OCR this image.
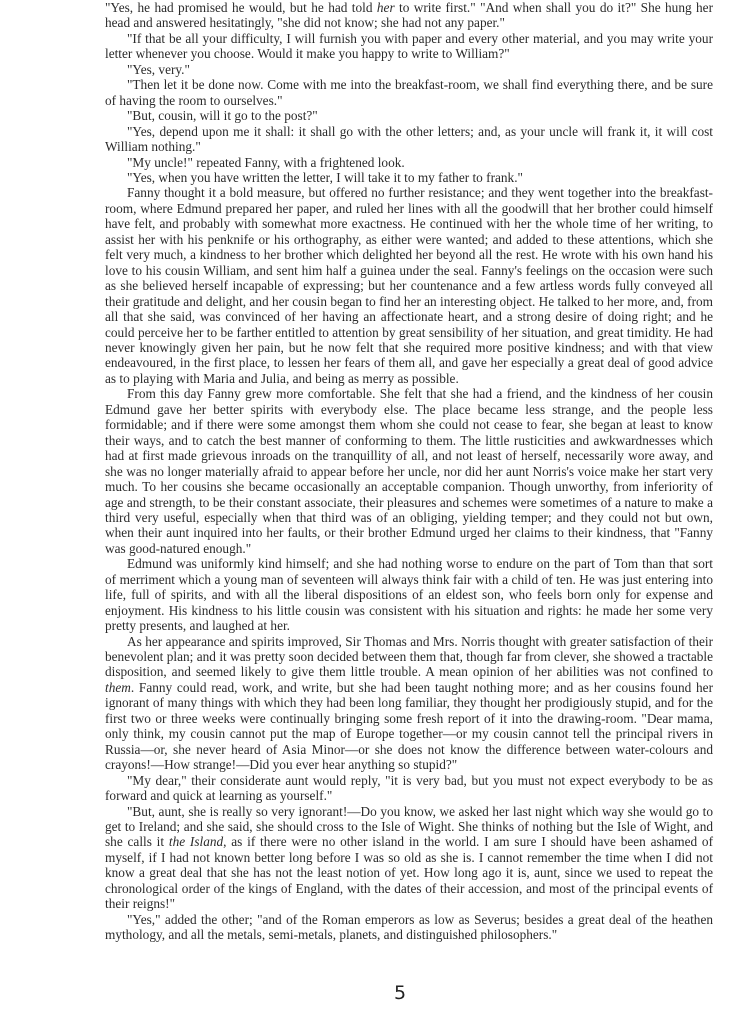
"Yes, he had promised he would, but he had told her to write first." "And when shall you do it?" She hung her head and answered hesitatingly, "she did not know; she had not any paper."

"If that be all your difficulty, I will furnish you with paper and every other material, and you may write your letter whenever you choose. Would it make you happy to write to William?"

"Yes, very."

"Then let it be done now. Come with me into the breakfast-room, we shall find everything there, and be sure of having the room to ourselves."

"But, cousin, will it go to the post?"

"Yes, depend upon me it shall: it shall go with the other letters; and, as your uncle will frank it, it will cost William nothing."

"My uncle!" repeated Fanny, with a frightened look.

"Yes, when you have written the letter, I will take it to my father to frank."

Fanny thought it a bold measure, but offered no further resistance; and they went together into the breakfast-room, where Edmund prepared her paper, and ruled her lines with all the goodwill that her brother could himself have felt, and probably with somewhat more exactness. He continued with her the whole time of her writing, to assist her with his penknife or his orthography, as either were wanted; and added to these attentions, which she felt very much, a kindness to her brother which delighted her beyond all the rest. He wrote with his own hand his love to his cousin William, and sent him half a guinea under the seal. Fanny's feelings on the occasion were such as she believed herself incapable of expressing; but her countenance and a few artless words fully conveyed all their gratitude and delight, and her cousin began to find her an interesting object. He talked to her more, and, from all that she said, was convinced of her having an affectionate heart, and a strong desire of doing right; and he could perceive her to be farther entitled to attention by great sensibility of her situation, and great timidity. He had never knowingly given her pain, but he now felt that she required more positive kindness; and with that view endeavoured, in the first place, to lessen her fears of them all, and gave her especially a great deal of good advice as to playing with Maria and Julia, and being as merry as possible.

From this day Fanny grew more comfortable. She felt that she had a friend, and the kindness of her cousin Edmund gave her better spirits with everybody else. The place became less strange, and the people less formidable; and if there were some amongst them whom she could not cease to fear, she began at least to know their ways, and to catch the best manner of conforming to them. The little rusticities and awkwardnesses which had at first made grievous inroads on the tranquillity of all, and not least of herself, necessarily wore away, and she was no longer materially afraid to appear before her uncle, nor did her aunt Norris's voice make her start very much. To her cousins she became occasionally an acceptable companion. Though unworthy, from inferiority of age and strength, to be their constant associate, their pleasures and schemes were sometimes of a nature to make a third very useful, especially when that third was of an obliging, yielding temper; and they could not but own, when their aunt inquired into her faults, or their brother Edmund urged her claims to their kindness, that "Fanny was good-natured enough."

Edmund was uniformly kind himself; and she had nothing worse to endure on the part of Tom than that sort of merriment which a young man of seventeen will always think fair with a child of ten. He was just entering into life, full of spirits, and with all the liberal dispositions of an eldest son, who feels born only for expense and enjoyment. His kindness to his little cousin was consistent with his situation and rights: he made her some very pretty presents, and laughed at her.

As her appearance and spirits improved, Sir Thomas and Mrs. Norris thought with greater satisfaction of their benevolent plan; and it was pretty soon decided between them that, though far from clever, she showed a tractable disposition, and seemed likely to give them little trouble. A mean opinion of her abilities was not confined to them. Fanny could read, work, and write, but she had been taught nothing more; and as her cousins found her ignorant of many things with which they had been long familiar, they thought her prodigiously stupid, and for the first two or three weeks were continually bringing some fresh report of it into the drawing-room. "Dear mama, only think, my cousin cannot put the map of Europe together—or my cousin cannot tell the principal rivers in Russia—or, she never heard of Asia Minor—or she does not know the difference between water-colours and crayons!—How strange!—Did you ever hear anything so stupid?"

"My dear," their considerate aunt would reply, "it is very bad, but you must not expect everybody to be as forward and quick at learning as yourself."

"But, aunt, she is really so very ignorant!—Do you know, we asked her last night which way she would go to get to Ireland; and she said, she should cross to the Isle of Wight. She thinks of nothing but the Isle of Wight, and she calls it the Island, as if there were no other island in the world. I am sure I should have been ashamed of myself, if I had not known better long before I was so old as she is. I cannot remember the time when I did not know a great deal that she has not the least notion of yet. How long ago it is, aunt, since we used to repeat the chronological order of the kings of England, with the dates of their accession, and most of the principal events of their reigns!"

"Yes," added the other; "and of the Roman emperors as low as Severus; besides a great deal of the heathen mythology, and all the metals, semi-metals, planets, and distinguished philosophers."

5
